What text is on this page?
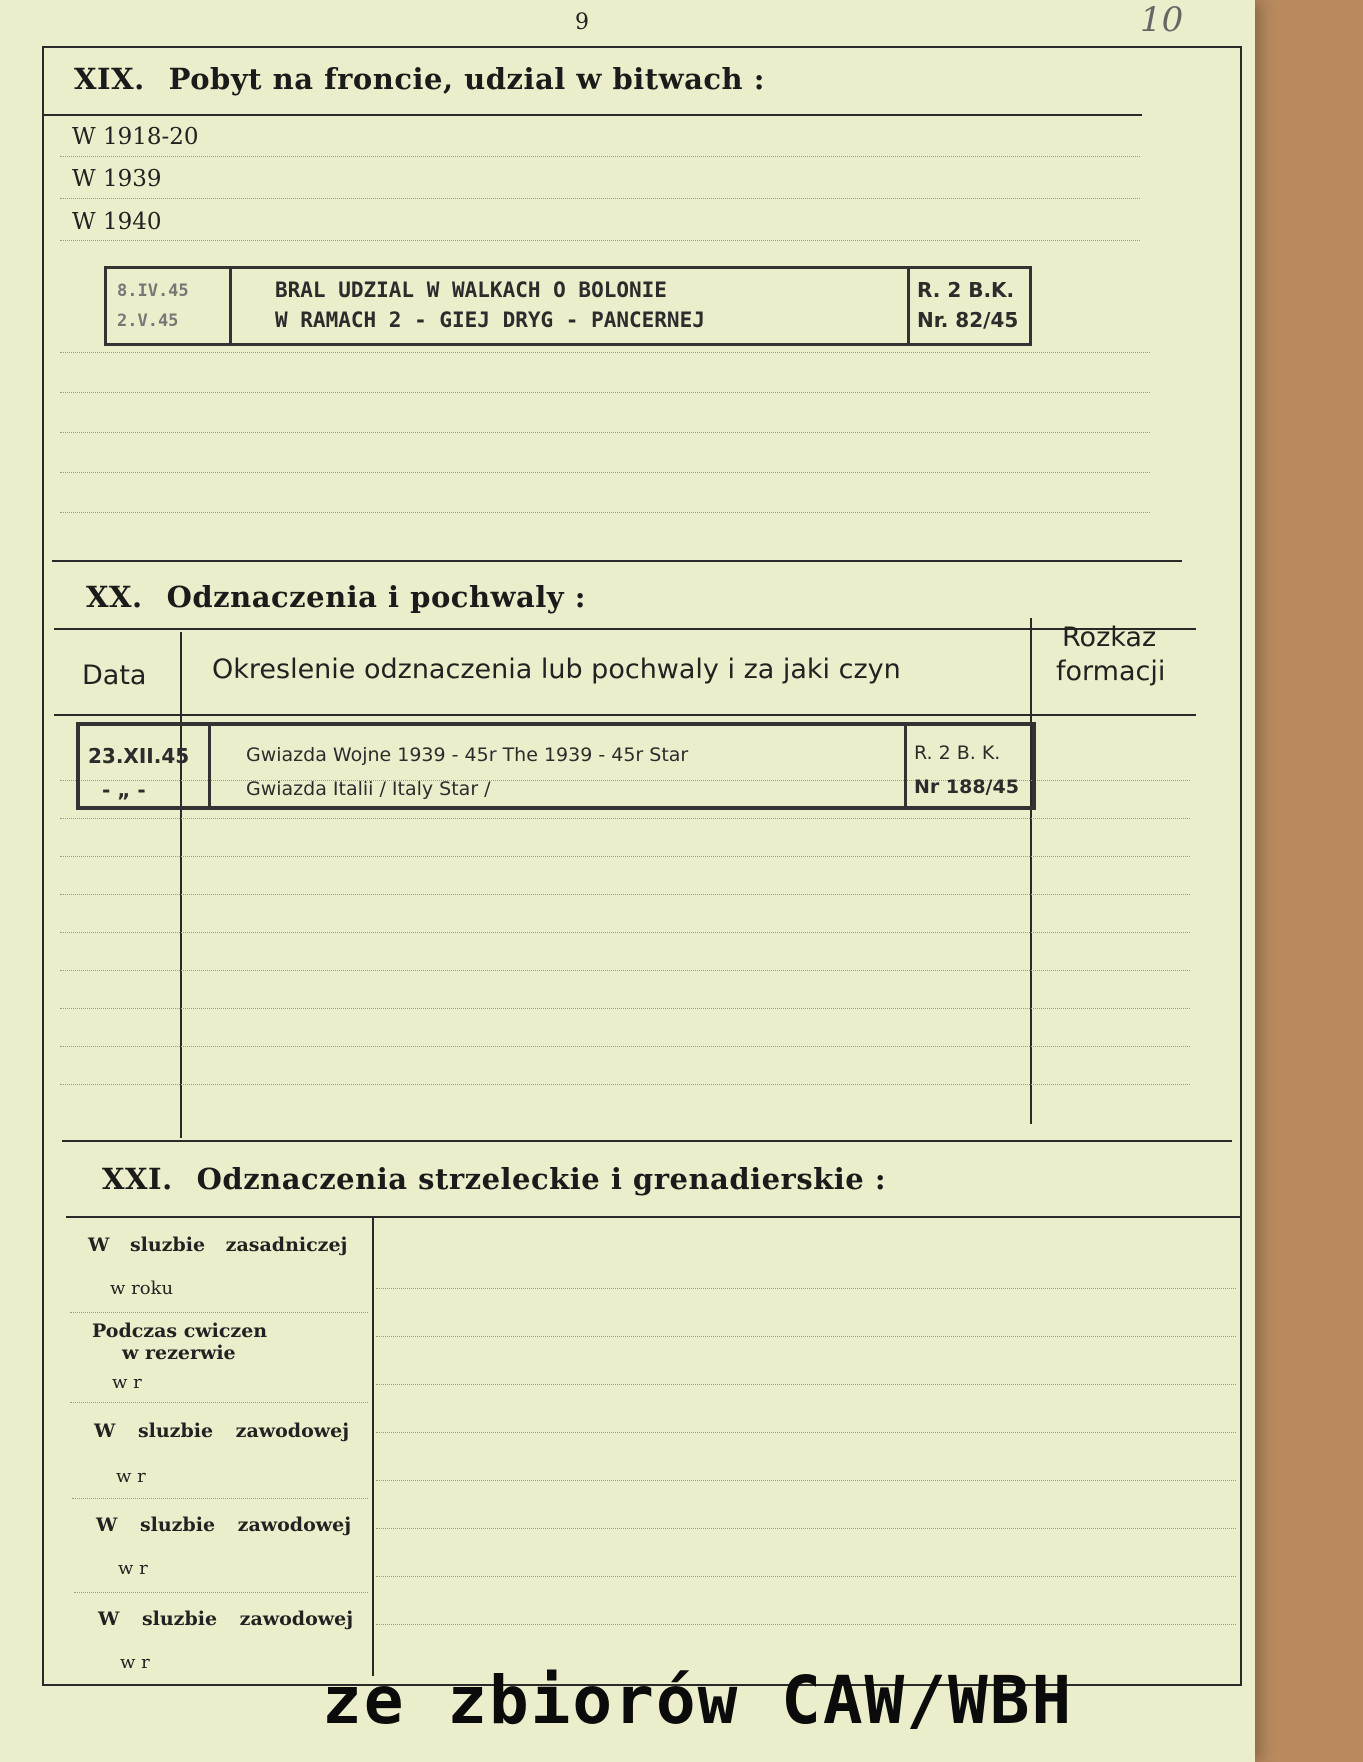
9	10
XIX. Pobyt na froncie, udzial w bitwach :
W 1918-20
W 1939
W 1940
8.IV.45
2.V.45
BRAL UDZIAL W WALKACH O BOLONIE
W RAMACH 2 - GIEJ DRYG - PANCERNEJ
R. 2 B.K.
Nr. 82/45
XX. Odznaczenia i pochwaly :
Data Okreslenie odznaczenia lub pochwaly i za jaki czyn
Rozkaz
formacji
23.XII.45
- „ -
Gwiazda Wojne 1939 - 45r The 1939 - 45r Star
Gwiazda Italii / Italy Star /
R. 2 B. K.
Nr 188/45
XXI. Odznaczenia strzeleckie i grenadierskie :
W sluzbie zasadniczej
w roku
Podczas cwiczen
w rezerwie
w r
W sluzbie zawodowej
w r
W sluzbie zawodowej
w r
W sluzbie zawodowej
w r	ze zbiorów CAW/WBH
